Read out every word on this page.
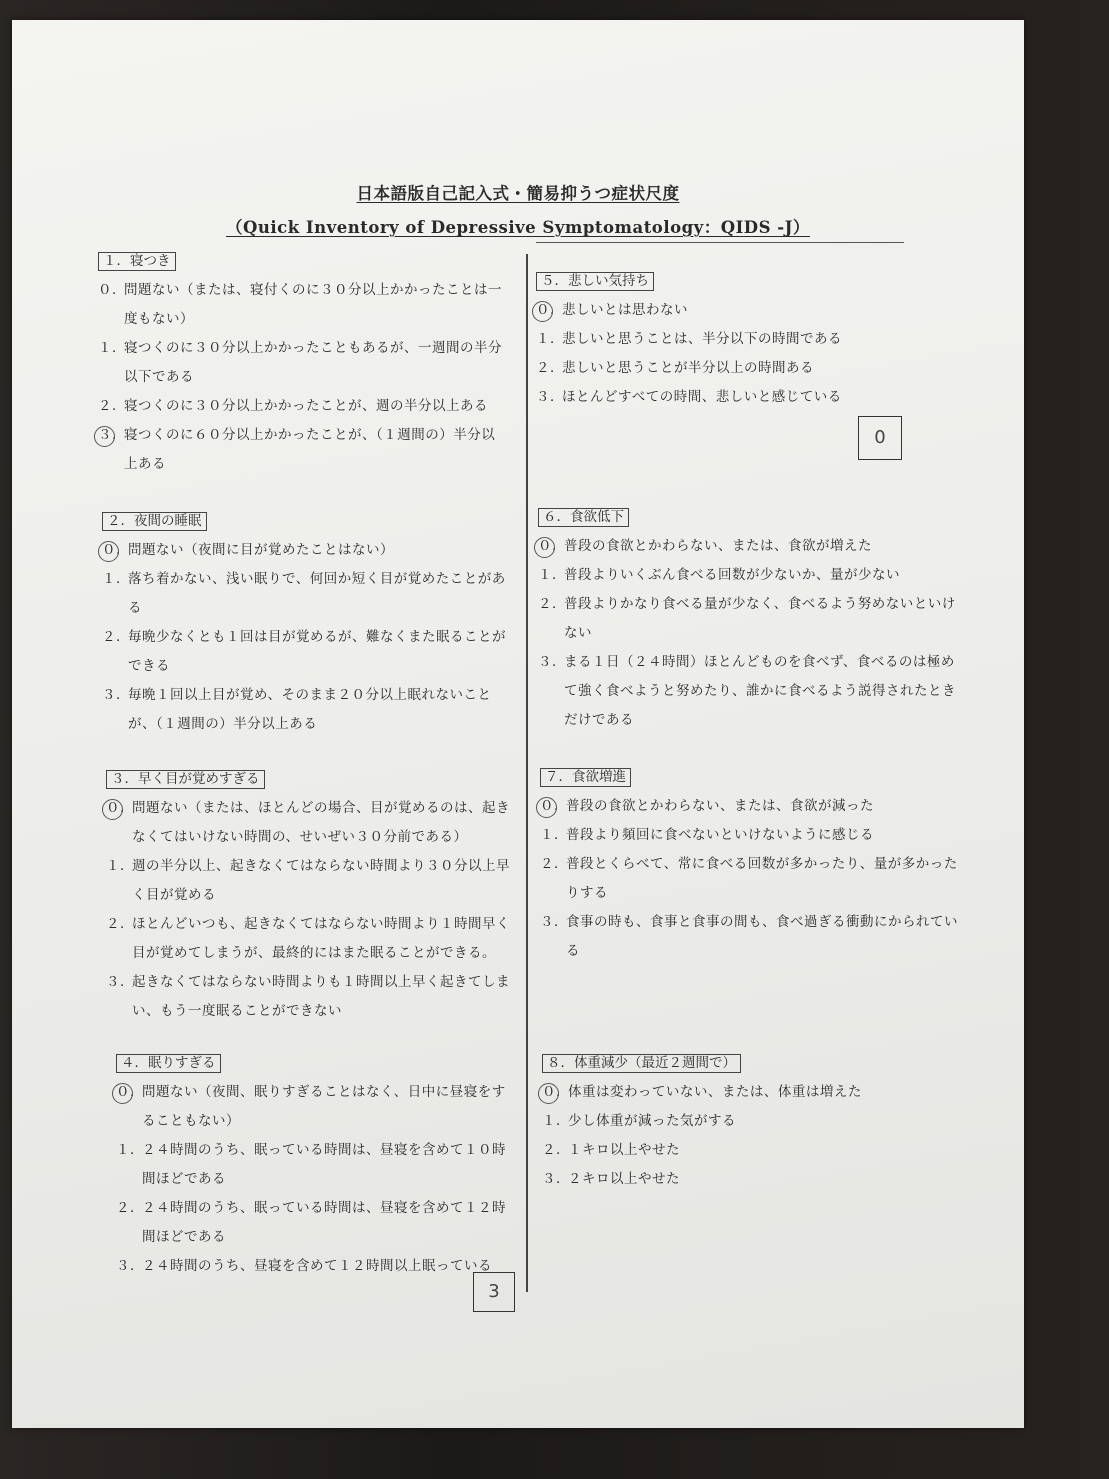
日本語版自己記入式・簡易抑うつ症状尺度
（Quick Inventory of Depressive Symptomatology：QIDS -J）
１．寝つき
０．
問題ない（または、寝付くのに３０分以上かかったことは一度もない）
１．
寝つくのに３０分以上かかったこともあるが、一週間の半分以下である
２．
寝つくのに３０分以上かかったことが、週の半分以上ある
３．
寝つくのに６０分以上かかったことが、（１週間の）半分以上ある
２．夜間の睡眠
０．
問題ない（夜間に目が覚めたことはない）
１．
落ち着かない、浅い眠りで、何回か短く目が覚めたことがある
２．
毎晩少なくとも１回は目が覚めるが、難なくまた眠ることができる
３．
毎晩１回以上目が覚め、そのまま２０分以上眠れないことが、（１週間の）半分以上ある
３．早く目が覚めすぎる
０．
問題ない（または、ほとんどの場合、目が覚めるのは、起きなくてはいけない時間の、せいぜい３０分前である）
１．
週の半分以上、起きなくてはならない時間より３０分以上早く目が覚める
２．
ほとんどいつも、起きなくてはならない時間より１時間早く目が覚めてしまうが、最終的にはまた眠ることができる。
３．
起きなくてはならない時間よりも１時間以上早く起きてしまい、もう一度眠ることができない
４．眠りすぎる
０．
問題ない（夜間、眠りすぎることはなく、日中に昼寝をすることもない）
１．
２４時間のうち、眠っている時間は、昼寝を含めて１０時間ほどである
２．
２４時間のうち、眠っている時間は、昼寝を含めて１２時間ほどである
３．
２４時間のうち、昼寝を含めて１２時間以上眠っている
５．悲しい気持ち
０．
悲しいとは思わない
１．
悲しいと思うことは、半分以下の時間である
２．
悲しいと思うことが半分以上の時間ある
３．
ほとんどすべての時間、悲しいと感じている
0
６．食欲低下
０．
普段の食欲とかわらない、または、食欲が増えた
１．
普段よりいくぶん食べる回数が少ないか、量が少ない
２．
普段よりかなり食べる量が少なく、食べるよう努めないといけない
３．
まる１日（２４時間）ほとんどものを食べず、食べるのは極めて強く食べようと努めたり、誰かに食べるよう説得されたときだけである
７．食欲増進
０．
普段の食欲とかわらない、または、食欲が減った
１．
普段より頻回に食べないといけないように感じる
２．
普段とくらべて、常に食べる回数が多かったり、量が多かったりする
３．
食事の時も、食事と食事の間も、食べ過ぎる衝動にかられている
８．体重減少（最近２週間で）
０．
体重は変わっていない、または、体重は増えた
１．
少し体重が減った気がする
２．
１キロ以上やせた
３．
２キロ以上やせた
3
